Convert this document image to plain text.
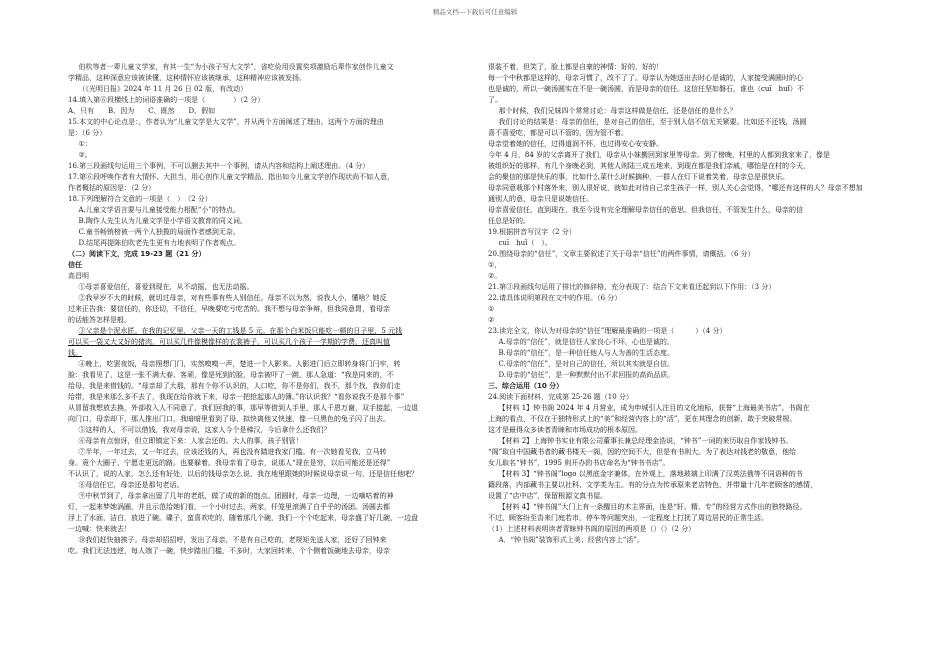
精品文档---下载后可任意编辑
伯吹等者一辈儿童文学家，有其一生“为小孩子写大文学”，省吃俭用设置奖项激励后辈作家创作儿童文
学精品，这种深意应该被读懂，这种情怀应该被继承，这种精神应该被发扬。
（《光明日报》2024 年 11 月 26 日 02 版，有改动）
14.填入第⑥段横线上的词语准确的一项是（　　　　）（2 分）
A、只有　　B、因为　　C、既然　　D、假如
15.本文的中心论点是：，作者认为“儿童文学是大文学”，并从两个方面阐述了理由。这两个方面的理由
是：（6 分）
①：
②。
16.第三段画线句运用三个事例，不可以删去其中一个事例，请从内容和结构上阐述理由。（4 分）
17.第⑥段呼唤作者有大情怀、大担当，用心创作儿童文学精品，指出如今儿童文学创作现状尚不如人意，
作者概括的原因是：（2 分）
18.下列理解符合文意的一项是（　）　（2 分）
A.儿童文学语言要与儿童接受能力相配“小”的特点。
B.陶作人先生认为儿童文学是小学语文教育的同义词。
C.童书畅销榜被一两个人独揽的局面作者感到无奈。
D.结尾再提陈伯吹老先生更有力地表明了作者观点。
（二）阅读下文，完成 19-23 题（21 分）
信任
高昌明
①母亲喜爱信任，喜爱到现在，从不动摇，也无法动摇。
②我早岁不大的时候，就切过母亲，对有些事有些人别信任。母亲不以为然，说我人小，懂啥？她反
过来正告我：要信任的，你还切，不信任，早晚要吃亏吃苦的。我不想与母亲争辩，但我同意胃，看母亲
的话能答怎样是般。
③父亲是个泥水匠。在我的记忆里，父亲一天的工钱是 5 元。在那个白米饭只能吃一顿的日子里，5 元钱
可以买一袋又大又好的猪肉，可以买几件像模像样的衣裳裤子，可以买几个孩子一学期的学费，还真叫值
钱。
④晚上，吃罢夜饭，母亲照想门门，实然嗅嗅一声，楚进一个人影来。人影进门后立即转身将门闩牢，转
脸：我看见了，这是一张不满大春、客顽，像是死到的脸，母亲被吓了一跳，那人急道：“我是同来的，不
给母，我是来借钱的。“母亲却了大那，那有个你不认识的，人口吃，你不是你们，我不，那个找，我你们走
给带，我是来那么多不去了，我现在给你就下来，母亲一把抢起那人的簿。”你认识我？“看你说我不是那个事”
从冒留我想放去换，外部收入人不同意了，我们回我的事，那早等借到人手里，那人千恩万谢，双手接起，一边退
向门口，母亲却下，那人推出门口，我暗暗里看到了母，拟快离他又快速，像一只黑色的兔子闪了出去。
⑤这样的人，不可以借钱，我对母亲说，这家人今个是梯汉，今后拿什么还我们？
⑥母亲有点惊讶，但立即镇定下来：人家会还的。大人的事，孩子别管！
⑦半年，一年过去，又一年过去，应该还钱的人，再也没有踏进我家门槛。有一次她看见我，立马转
身。竟个大圈子，宁愿走更远的路。也要躲着。我母亲看了母亲，说那人“现在是穷，以后可能还是还得”
不认识了，说的人家，怎么还有好处，以后的钱母亲怎么说，我在地里跟她的时候说母亲说一句，还是信任他吧？
⑧母信任它，母亲还是那句老话。
⑨中秋节到了，母亲拿出留了几年的老纸，做了成的新的饱点。团圆时，母亲一边理，一边嘀咕着的神
灯，一起来梦她涡圈，并且示范给她们看，一个小时过去，两家，仟笼里滚满了白乎乎的汤团。汤圆去都
浮上了水面，洁白，放进了碗。碟子，蛮喜欢吃的，随着那几个碗，我们一个个吃起来，母亲盛了好几碗，一边盘
一边喊：快来就去！
⑩我们赶快抽挨子。母亲却招招呼，发出了母亲，不是有自己吃的，老规矩先送人家，还好了回钟来
吃。我们无法违逆，每人端了一碗，快步踏出门槛，不多时，大家回转来，个个侧着饭碗地去母亲，母亲
很装不着，但笑了，脸上都是自豪的神情：好的，好的！
每一个中秋都是这样的，母亲习惯了，改不了了。母亲认为她送出去时心是诚的，人家接受满圆时的心
也是诚的，所以一碗汤圆实在不是一碗汤圆，而是母亲的信任。这信任坚如磐石，谁也（cuī　huǐ）不
了。
那个时候，我们兄妹四个常常讨论：母亲这样做是信任，还是信任的是什么？
我们讨论的结果是：母亲的信任，是对自己的信任，至于别人信不信无关紧要。比如还不还钱，汤圆
喜不喜爱吃，都是可以不管的，因为管不着。
母亲觉着她的信任，过得道润不怀，也过得安心安安静。
今年 4 月，84 岁的父亲离开了我们，母亲从小妹搬回到家里等母亲。到了傍晚，村里的人都到我家来了，像是
被组织好的那样，有几个身晚必到，其他人则陆三成五地来，到现在都是我们亲戚，哪怕是在村的今天，
会的聚信的那是快乐的事，比如什么菜什么时候摘种，一群人在灯下说着笑着，母亲总是很快乐。
母亲同意栽那个村落外来，别人很好说，就如此对待自己亲生孩子一样，别人关心会觉得，“哪还有这样的人？母亲不想加
通别人的意，母亲只是说她信任。
母亲喜爱信任，直到现在，我至今没有完全理解母亲信任的意思。但我信任，不管发生什么，母亲的信
任总是好的。
19.根据拼音写汉字（2 分）
cuī　huǐ（　）。
20.围绕母亲的“信任”，文章主要叙述了关于母亲“信任”的两件事情，请概括。（6 分）
①，
②。
21.第③段画线句运用了排比的修辞格，充分表现了：结合下文来看还起到以下作用：（3 分）
22.请具体说明第段在文中的作用。（6 分）
①
②
23.读完全文，你认为对母亲的“信任”理解最准确的一项是（　　　）（4 分）
A.母亲的“信任”，就是信任人家良心不坏，心也是诚的。
B.母亲的“信任”，是一种信任他人与人为善的生活态度。
C.母亲的“信任”，是对自己的信任，所以其实就是自信。
D.母亲的“信任”，是一种默默付出不求回报的高尚品质。
三、综合运用（10 分）
24.阅读下面材料，完成第 25-26 题（10 分）
【材料 1】钟书阁 2024 年 4 月营业，成为申城引人注目的文化地标，获誉“上海最美书店”。书阁在
上海的看点，不仅在于独特形式上的“美”和经营内容上的“活”，更在其理念的创新，敢于突破常规。
这才是最得众多读者青睐和市场成功的根本原因。
【材料 2】上海钟书实业有限公司董事长兼总经理金浩说，“钟书”一词的来历取自作家钱钟书。
“阁”取自中国藏书者的藏书楼天一阁，因的空间不大，但是有书则大。为了表达对钱老的敬意，他给
女儿取名“钟书”，1995 则开办的书店命名为“钟书书店”。
【材料 3】“钟书阁”logo 以黑底金字兼体，在外观上，落地玻璃上印满了汉英法俄等不同语种的书
籍段落，内部藏书主要以社科、文学类为主。有的分点为传承原来老店特色，并带量十几年老顾客的感情，
设置了“店中店”，保留根源文真书屋。
【材料 4】“钟书阁”大门上有一条醒目的木主界面，连是“轩、精、专”的经营方式作出的独特路径。
不过，顾客纷至沓来门庭若市，停车等问题突出，一定程度上打扰了周边居民的正常生活。
（1）上述材料表明读者青睐钟书阁的原因的两项是（）（）（2 分）
A．“钟书阁”装饰形式上美；经营内容上“活”。
